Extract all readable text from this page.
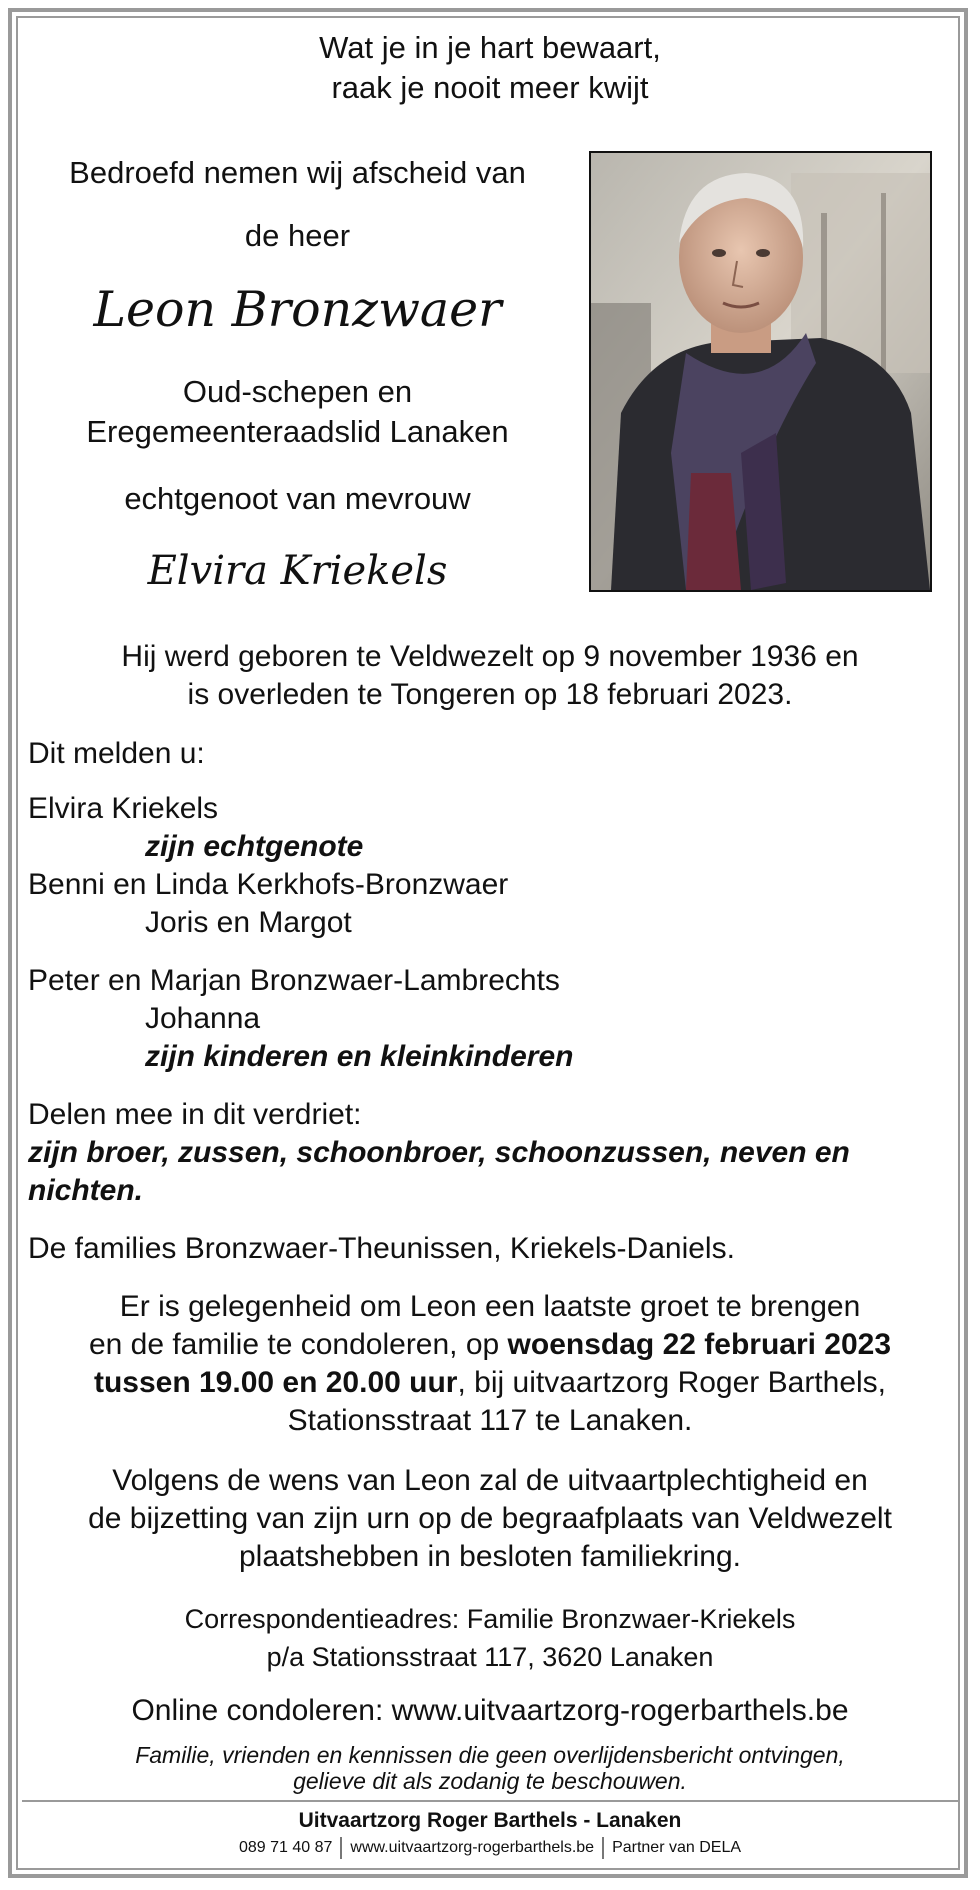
Wat je in je hart bewaart,
raak je nooit meer kwijt
Bedroefd nemen wij afscheid van
de heer
Leon Bronzwaer
Oud-schepen en
Eregemeenteraadslid Lanaken
echtgenoot van mevrouw
Elvira Kriekels
Hij werd geboren te Veldwezelt op 9 november 1936 en
is overleden te Tongeren op 18 februari 2023.
Dit melden u:
Elvira Kriekels
zijn echtgenote
Benni en Linda Kerkhofs-Bronzwaer
Joris en Margot
Peter en Marjan Bronzwaer-Lambrechts
Johanna
zijn kinderen en kleinkinderen
Delen mee in dit verdriet:
zijn broer, zussen, schoonbroer, schoonzussen, neven en
nichten.
De families Bronzwaer-Theunissen, Kriekels-Daniels.
Er is gelegenheid om Leon een laatste groet te brengen
en de familie te condoleren, op woensdag 22 februari 2023
tussen 19.00 en 20.00 uur, bij uitvaartzorg Roger Barthels,
Stationsstraat 117 te Lanaken.
Volgens de wens van Leon zal de uitvaartplechtigheid en
de bijzetting van zijn urn op de begraafplaats van Veldwezelt
plaatshebben in besloten familiekring.
Correspondentieadres: Familie Bronzwaer-Kriekels
p/a Stationsstraat 117, 3620 Lanaken
Online condoleren: www.uitvaartzorg-rogerbarthels.be
Familie, vrienden en kennissen die geen overlijdensbericht ontvingen,
gelieve dit als zodanig te beschouwen.
Uitvaartzorg Roger Barthels - Lanaken
089 71 40 87 www.uitvaartzorg-rogerbarthels.be Partner van DELA
